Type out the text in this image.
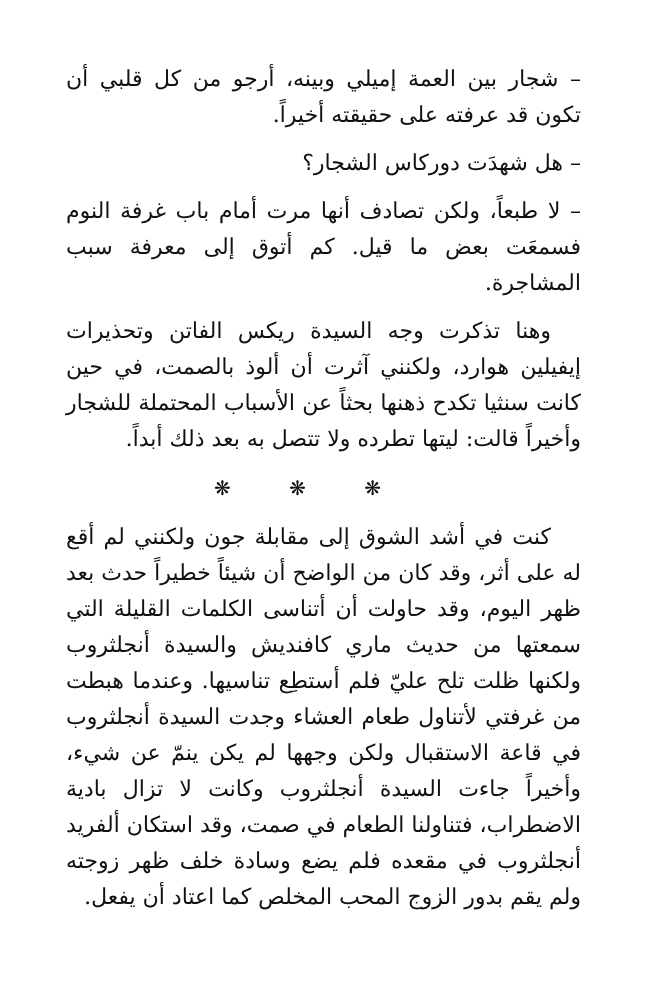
– شجار بين العمة إميلي وبينه، أرجو من كل قلبي أن تكون قد عرفته على حقيقته أخيراً.

– هل شهدَت دوركاس الشجار؟

– لا طبعاً، ولكن تصادف أنها مرت أمام باب غرفة النوم فسمعَت بعض ما قيل. كم أتوق إلى معرفة سبب المشاجرة.

وهنا تذكرت وجه السيدة ريكس الفاتن وتحذيرات إيفيلين هوارد، ولكنني آثرت أن ألوذ بالصمت، في حين كانت سنثيا تكدح ذهنها بحثاً عن الأسباب المحتملة للشجار وأخيراً قالت: ليتها تطرده ولا تتصل به بعد ذلك أبداً.

❋ ❋ ❋

كنت في أشد الشوق إلى مقابلة جون ولكنني لم أقع له على أثر، وقد كان من الواضح أن شيئاً خطيراً حدث بعد ظهر اليوم، وقد حاولت أن أتناسى الكلمات القليلة التي سمعتها من حديث ماري كافنديش والسيدة أنجلثروب ولكنها ظلت تلح عليّ فلم أستطِع تناسيها. وعندما هبطت من غرفتي لأتناول طعام العشاء وجدت السيدة أنجلثروب في قاعة الاستقبال ولكن وجهها لم يكن ينمّ عن شيء، وأخيراً جاءت السيدة أنجلثروب وكانت لا تزال بادية الاضطراب، فتناولنا الطعام في صمت، وقد استكان ألفريد أنجلثروب في مقعده فلم يضع وسادة خلف ظهر زوجته ولم يقم بدور الزوج المحب المخلص كما اعتاد أن يفعل.
